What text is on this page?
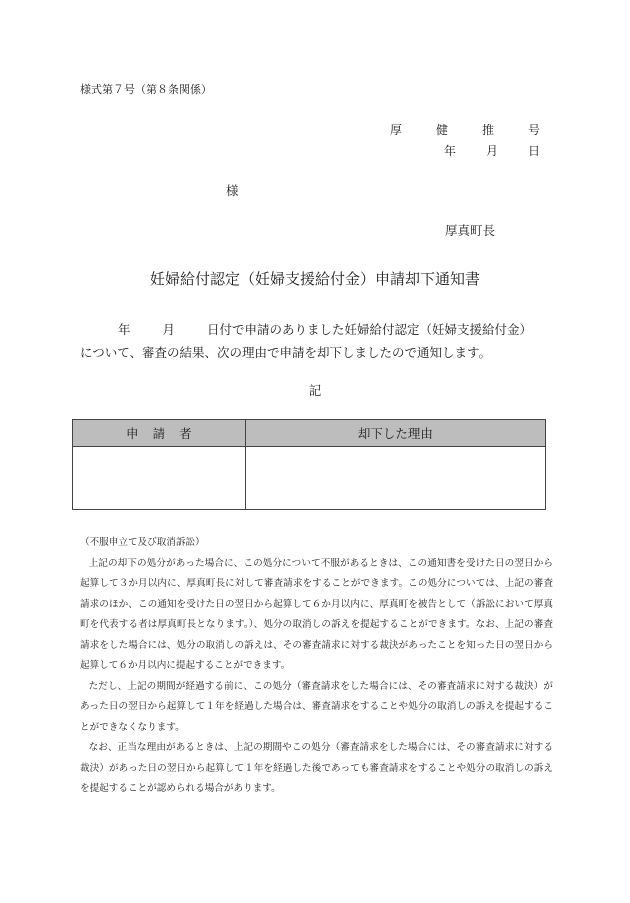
様式第７号（第８条関係）
厚	健	推	号
年 月 日
様
厚真町長
妊婦給付認定（妊婦支援給付金）申請却下通知書
年	月	日付で申請のありました妊婦給付認定（妊婦支援給付金）
について、審査の結果、次の理由で申請を却下しましたので通知します。
記
申 請 者	却下した理由

（不服申立て及び取消訴訟）

上記の却下の処分があった場合に、この処分について不服があるときは、この通知書を受けた日の翌日から起算して３か月以内に、厚真町長に対して審査請求をすることができます。この処分については、上記の審査請求のほか、この通知を受けた日の翌日から起算して６か月以内に、厚真町を被告として（訴訟において厚真町を代表する者は厚真町長となります。）、処分の取消しの訴えを提起することができます。なお、上記の審査請求をした場合には、処分の取消しの訴えは、その審査請求に対する裁決があったことを知った日の翌日から起算して６か月以内に提起することができます。

ただし、上記の期間が経過する前に、この処分（審査請求をした場合には、その審査請求に対する裁決）があった日の翌日から起算して１年を経過した場合は、審査請求をすることや処分の取消しの訴えを提起することができなくなります。

なお、正当な理由があるときは、上記の期間やこの処分（審査請求をした場合には、その審査請求に対する裁決）があった日の翌日から起算して１年を経過した後であっても審査請求をすることや処分の取消しの訴えを提起することが認められる場合があります。
